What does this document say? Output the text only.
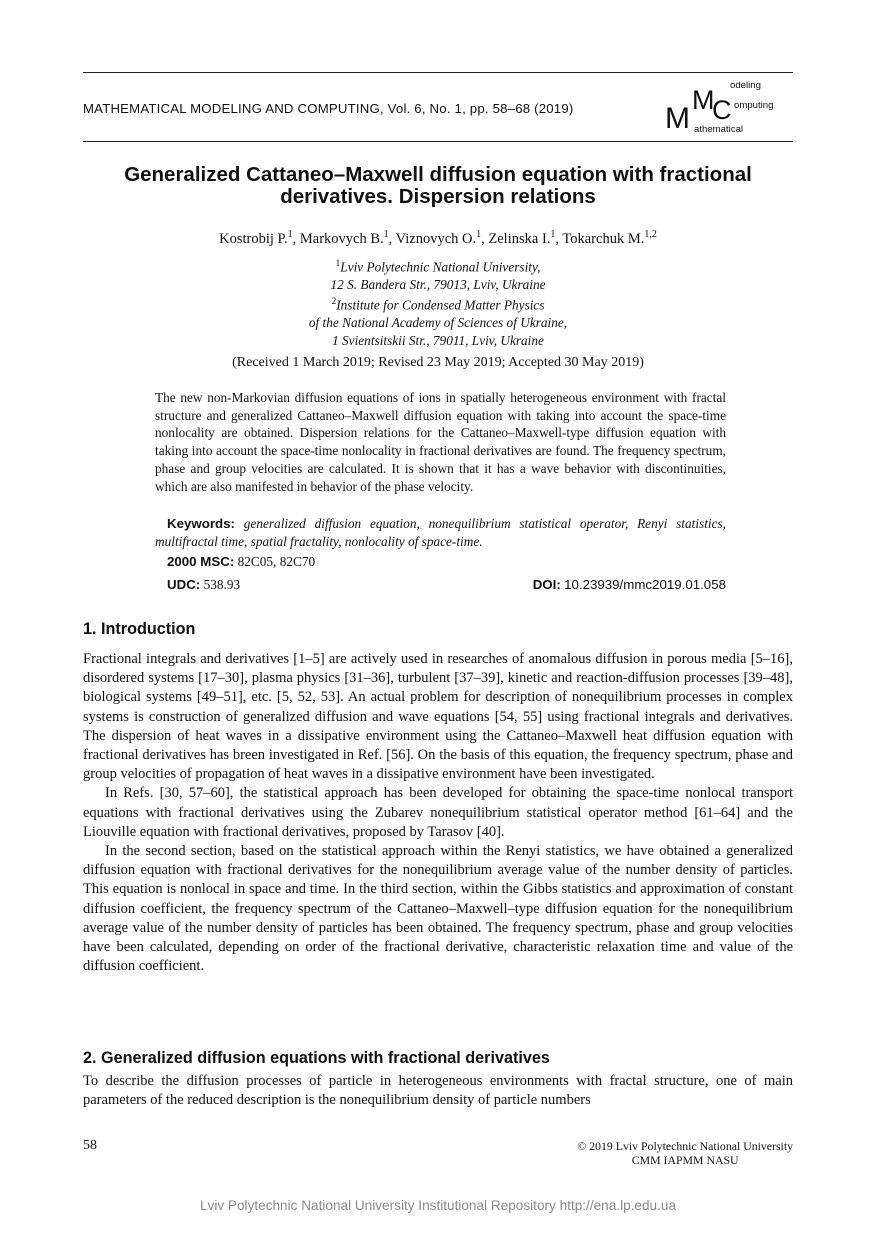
MATHEMATICAL MODELING AND COMPUTING, Vol. 6, No. 1, pp. 58–68 (2019)	M
M
C
odeling
omputing
athematical
Generalized Cattaneo–Maxwell diffusion equation with fractional derivatives. Dispersion relations
Kostrobij P.$^1$, Markovych B.$^1$, Viznovych O.$^1$, Zelinska I.$^1$, Tokarchuk M.$^{1,2}$
$^1$Lviv Polytechnic National University,
12 S. Bandera Str., 79013, Lviv, Ukraine
$^2$Institute for Condensed Matter Physics
of the National Academy of Sciences of Ukraine,
1 Svientsitskii Str., 79011, Lviv, Ukraine
(Received 1 March 2019; Revised 23 May 2019; Accepted 30 May 2019)
The new non-Markovian diffusion equations of ions in spatially heterogeneous environment with fractal structure and generalized Cattaneo–Maxwell diffusion equation with taking into account the space-time nonlocality are obtained. Dispersion relations for the Cattaneo–Maxwell-type diffusion equation with taking into account the space-time nonlocality in fractional derivatives are found. The frequency spectrum, phase and group velocities are calculated. It is shown that it has a wave behavior with discontinuities, which are also manifested in behavior of the phase velocity.
Keywords: generalized diffusion equation, nonequilibrium statistical operator, Renyi statistics, multifractal time, spatial fractality, nonlocality of space-time.
2000 MSC: 82C05, 82C70
UDC: 538.93	DOI: 10.23939/mmc2019.01.058
1. Introduction

Fractional integrals and derivatives [1–5] are actively used in researches of anomalous diffusion in porous media [5–16], disordered systems [17–30], plasma physics [31–36], turbulent [37–39], kinetic and reaction-diffusion processes [39–48], biological systems [49–51], etc. [5, 52, 53]. An actual problem for description of nonequilibrium processes in complex systems is construction of generalized diffusion and wave equations [54, 55] using fractional integrals and derivatives. The dispersion of heat waves in a dissipative environment using the Cattaneo–Maxwell heat diffusion equation with fractional derivatives has breen investigated in Ref. [56]. On the basis of this equation, the frequency spectrum, phase and group velocities of propagation of heat waves in a dissipative environment have been investigated.

In Refs. [30, 57–60], the statistical approach has been developed for obtaining the space-time nonlocal transport equations with fractional derivatives using the Zubarev nonequilibrium statistical operator method [61–64] and the Liouville equation with fractional derivatives, proposed by Tarasov [40].

In the second section, based on the statistical approach within the Renyi statistics, we have obtained a generalized diffusion equation with fractional derivatives for the nonequilibrium average value of the number density of particles. This equation is nonlocal in space and time. In the third section, within the Gibbs statistics and approximation of constant diffusion coefficient, the frequency spectrum of the Cattaneo–Maxwell–type diffusion equation for the nonequilibrium average value of the number density of particles has been obtained. The frequency spectrum, phase and group velocities have been calculated, depending on order of the fractional derivative, characteristic relaxation time and value of the diffusion coefficient.

2. Generalized diffusion equations with fractional derivatives

To describe the diffusion processes of particle in heterogeneous environments with fractal structure, one of main parameters of the reduced description is the nonequilibrium density of particle numbers

58	© 2019 Lviv Polytechnic National University
CMM IAPMM NASU
Lviv Polytechnic National University Institutional Repository http://ena.lp.edu.ua
